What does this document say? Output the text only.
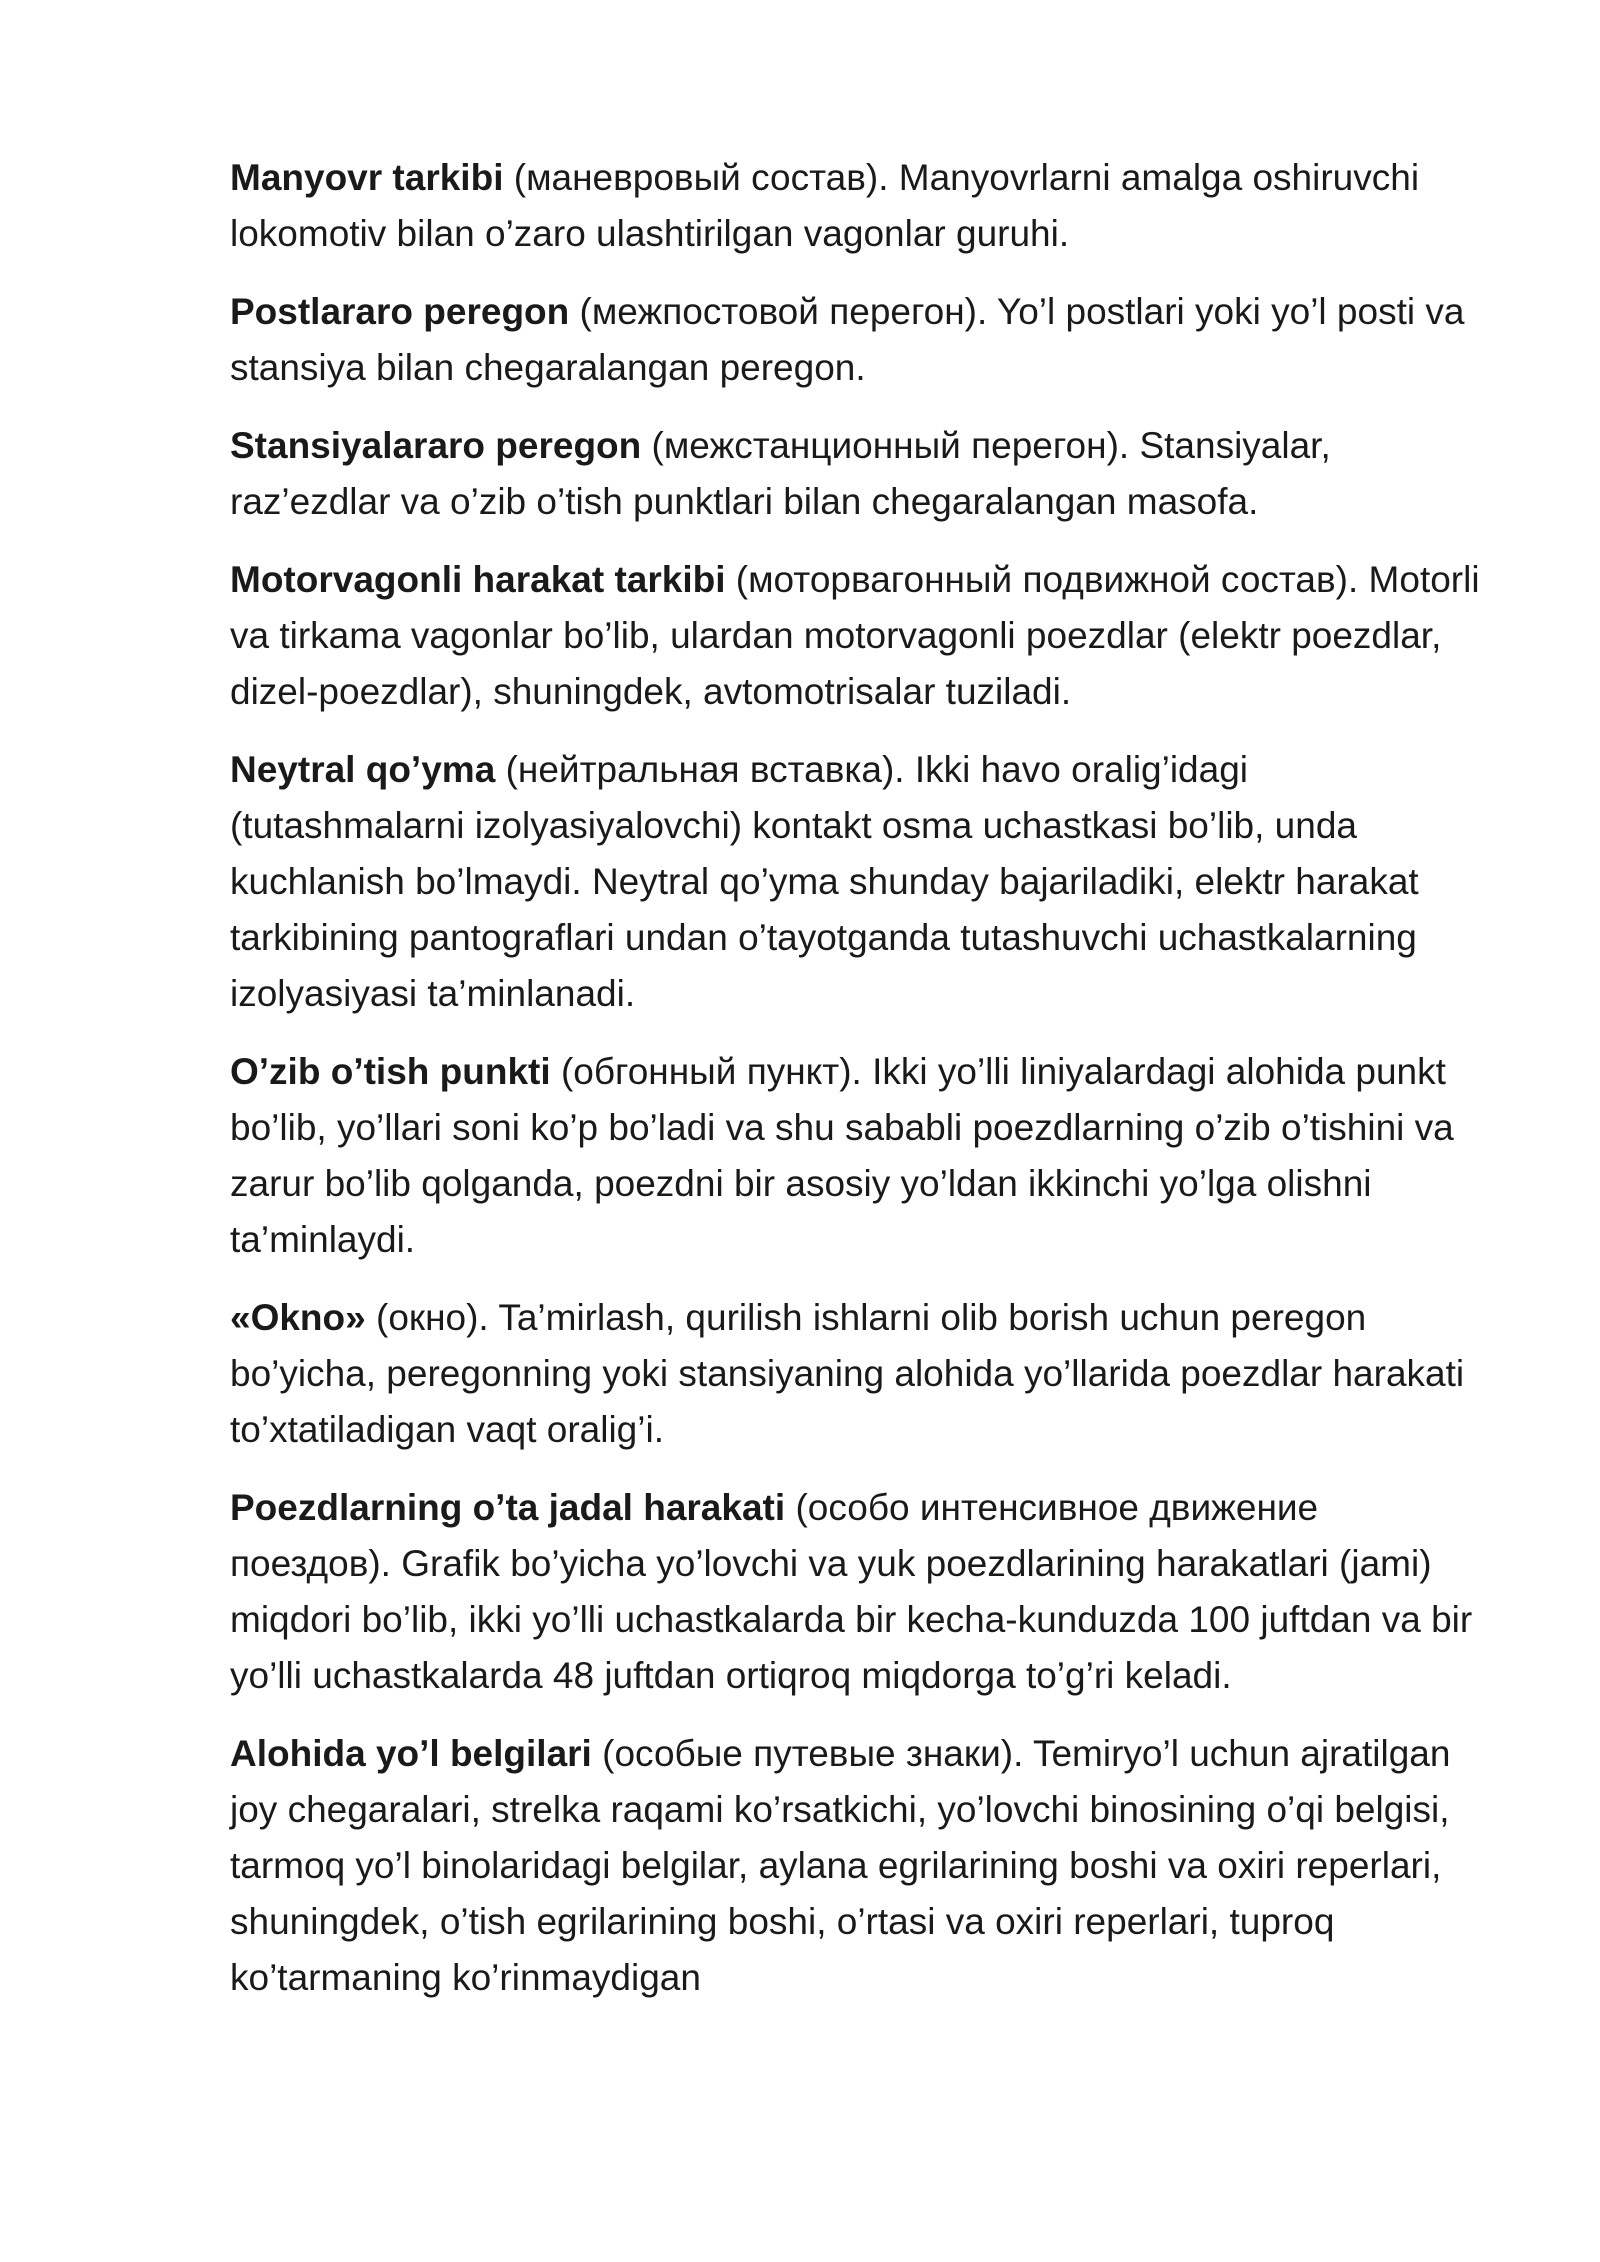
Manyovr tarkibi (маневровый состав). Manyovrlarni amalga oshiruvchi lokomotiv bilan o’zaro ulashtirilgan vagonlar guruhi.

Postlararo peregon (межпостовой перегон). Yo’l postlari yoki yo’l posti va stansiya bilan chegaralangan peregon.

Stansiyalararo peregon (межстанционный перегон). Stansiyalar, raz’ezdlar va o’zib o’tish punktlari bilan chegaralangan masofa.

Motorvagonli harakat tarkibi (моторвагонный подвижной состав). Motorli va tirkama vagonlar bo’lib, ulardan motorvagonli poezdlar (elektr poezdlar, dizel-poezdlar), shuningdek, avtomotrisalar tuziladi.

Neytral qo’yma (нейтральная вставка). Ikki havo oralig’idagi (tutashmalarni izolyasiyalovchi) kontakt osma uchastkasi bo’lib, unda kuchlanish bo’lmaydi. Neytral qo’yma shunday bajariladiki, elektr harakat tarkibining pantograflari undan o’tayotganda tutashuvchi uchastkalarning izolyasiyasi ta’minlanadi.

O’zib o’tish punkti (обгонный пункт). Ikki yo’lli liniyalardagi alohida punkt bo’lib, yo’llari soni ko’p bo’ladi va shu sababli poezdlarning o’zib o’tishini va zarur bo’lib qolganda, poezdni bir asosiy yo’ldan ikkinchi yo’lga olishni ta’minlaydi.

«Okno» (окно). Ta’mirlash, qurilish ishlarni olib borish uchun peregon bo’yicha, peregonning yoki stansiyaning alohida yo’llarida poezdlar harakati to’xtatiladigan vaqt oralig’i.

Poezdlarning o’ta jadal harakati (особо интенсивное движение поездов). Grafik bo’yicha yo’lovchi va yuk poezdlarining harakatlari (jami) miqdori bo’lib, ikki yo’lli uchastkalarda bir kecha-kunduzda 100 juftdan va bir yo’lli uchastkalarda 48 juftdan ortiqroq miqdorga to’g’ri keladi.

Alohida yo’l belgilari (особые путевые знаки). Temiryo’l uchun ajratilgan joy chegaralari, strelka raqami ko’rsatkichi, yo’lovchi binosining o’qi belgisi, tarmoq yo’l binolaridagi belgilar, aylana egrilarining boshi va oxiri reperlari, shuningdek, o’tish egrilarining boshi, o’rtasi va oxiri reperlari, tuproq ko’tarmaning ko’rinmaydigan
